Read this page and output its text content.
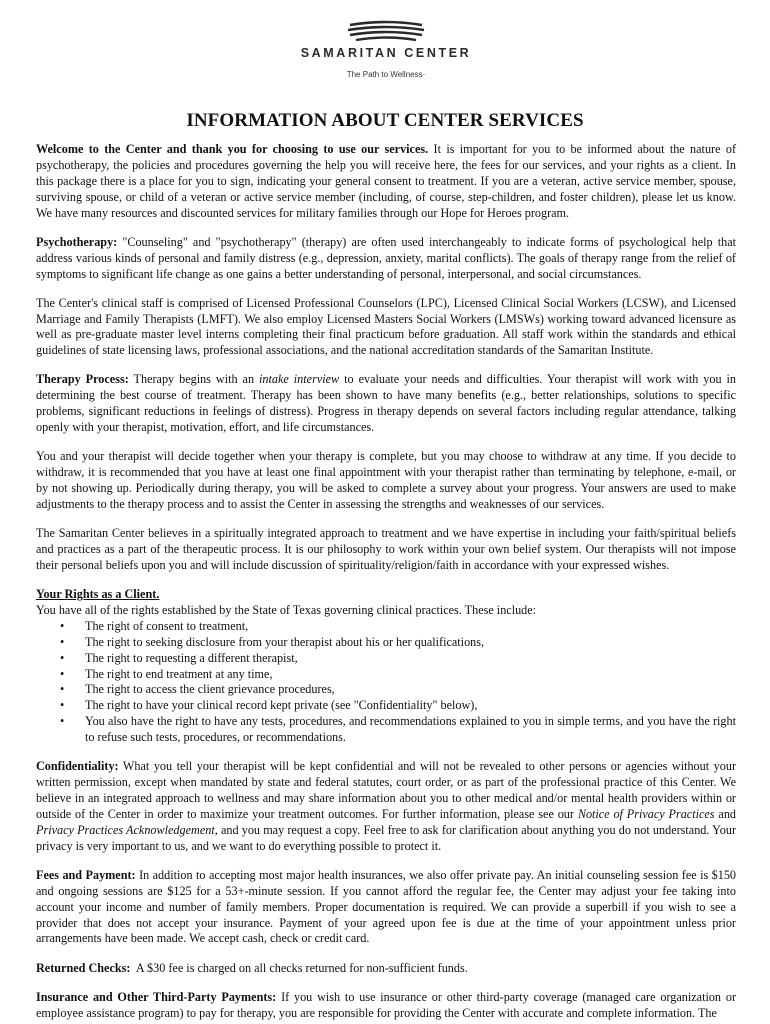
SAMARITAN CENTER
The Path to Wellness·
INFORMATION ABOUT CENTER SERVICES

Welcome to the Center and thank you for choosing to use our services. It is important for you to be informed about the nature of psychotherapy, the policies and procedures governing the help you will receive here, the fees for our services, and your rights as a client. In this package there is a place for you to sign, indicating your general consent to treatment. If you are a veteran, active service member, spouse, surviving spouse, or child of a veteran or active service member (including, of course, step-children, and foster children), please let us know. We have many resources and discounted services for military families through our Hope for Heroes program.

Psychotherapy: "Counseling" and "psychotherapy" (therapy) are often used interchangeably to indicate forms of psychological help that address various kinds of personal and family distress (e.g., depression, anxiety, marital conflicts). The goals of therapy range from the relief of symptoms to significant life change as one gains a better understanding of personal, interpersonal, and social circumstances.

The Center's clinical staff is comprised of Licensed Professional Counselors (LPC), Licensed Clinical Social Workers (LCSW), and Licensed Marriage and Family Therapists (LMFT). We also employ Licensed Masters Social Workers (LMSWs) working toward advanced licensure as well as pre-graduate master level interns completing their final practicum before graduation. All staff work within the standards and ethical guidelines of state licensing laws, professional associations, and the national accreditation standards of the Samaritan Institute.

Therapy Process: Therapy begins with an intake interview to evaluate your needs and difficulties. Your therapist will work with you in determining the best course of treatment. Therapy has been shown to have many benefits (e.g., better relationships, solutions to specific problems, significant reductions in feelings of distress). Progress in therapy depends on several factors including regular attendance, talking openly with your therapist, motivation, effort, and life circumstances.

You and your therapist will decide together when your therapy is complete, but you may choose to withdraw at any time. If you decide to withdraw, it is recommended that you have at least one final appointment with your therapist rather than terminating by telephone, e-mail, or by not showing up. Periodically during therapy, you will be asked to complete a survey about your progress. Your answers are used to make adjustments to the therapy process and to assist the Center in assessing the strengths and weaknesses of our services.

The Samaritan Center believes in a spiritually integrated approach to treatment and we have expertise in including your faith/spiritual beliefs and practices as a part of the therapeutic process. It is our philosophy to work within your own belief system. Our therapists will not impose their personal beliefs upon you and will include discussion of spirituality/religion/faith in accordance with your expressed wishes.

Your Rights as a Client.
You have all of the rights established by the State of Texas governing clinical practices. These include:
• The right of consent to treatment,
• The right to seeking disclosure from your therapist about his or her qualifications,
• The right to requesting a different therapist,
• The right to end treatment at any time,
• The right to access the client grievance procedures,
• The right to have your clinical record kept private (see "Confidentiality" below),
• You also have the right to have any tests, procedures, and recommendations explained to you in simple terms, and you have the right to refuse such tests, procedures, or recommendations.

Confidentiality: What you tell your therapist will be kept confidential and will not be revealed to other persons or agencies without your written permission, except when mandated by state and federal statutes, court order, or as part of the professional practice of this Center. We believe in an integrated approach to wellness and may share information about you to other medical and/or mental health providers within or outside of the Center in order to maximize your treatment outcomes. For further information, please see our Notice of Privacy Practices and Privacy Practices Acknowledgement, and you may request a copy. Feel free to ask for clarification about anything you do not understand. Your privacy is very important to us, and we want to do everything possible to protect it.

Fees and Payment: In addition to accepting most major health insurances, we also offer private pay. An initial counseling session fee is $150 and ongoing sessions are $125 for a 53+-minute session. If you cannot afford the regular fee, the Center may adjust your fee taking into account your income and number of family members. Proper documentation is required. We can provide a superbill if you wish to see a provider that does not accept your insurance. Payment of your agreed upon fee is due at the time of your appointment unless prior arrangements have been made. We accept cash, check or credit card.

Returned Checks: A $30 fee is charged on all checks returned for non-sufficient funds.

Insurance and Other Third-Party Payments: If you wish to use insurance or other third-party coverage (managed care organization or employee assistance program) to pay for therapy, you are responsible for providing the Center with accurate and complete information. The
